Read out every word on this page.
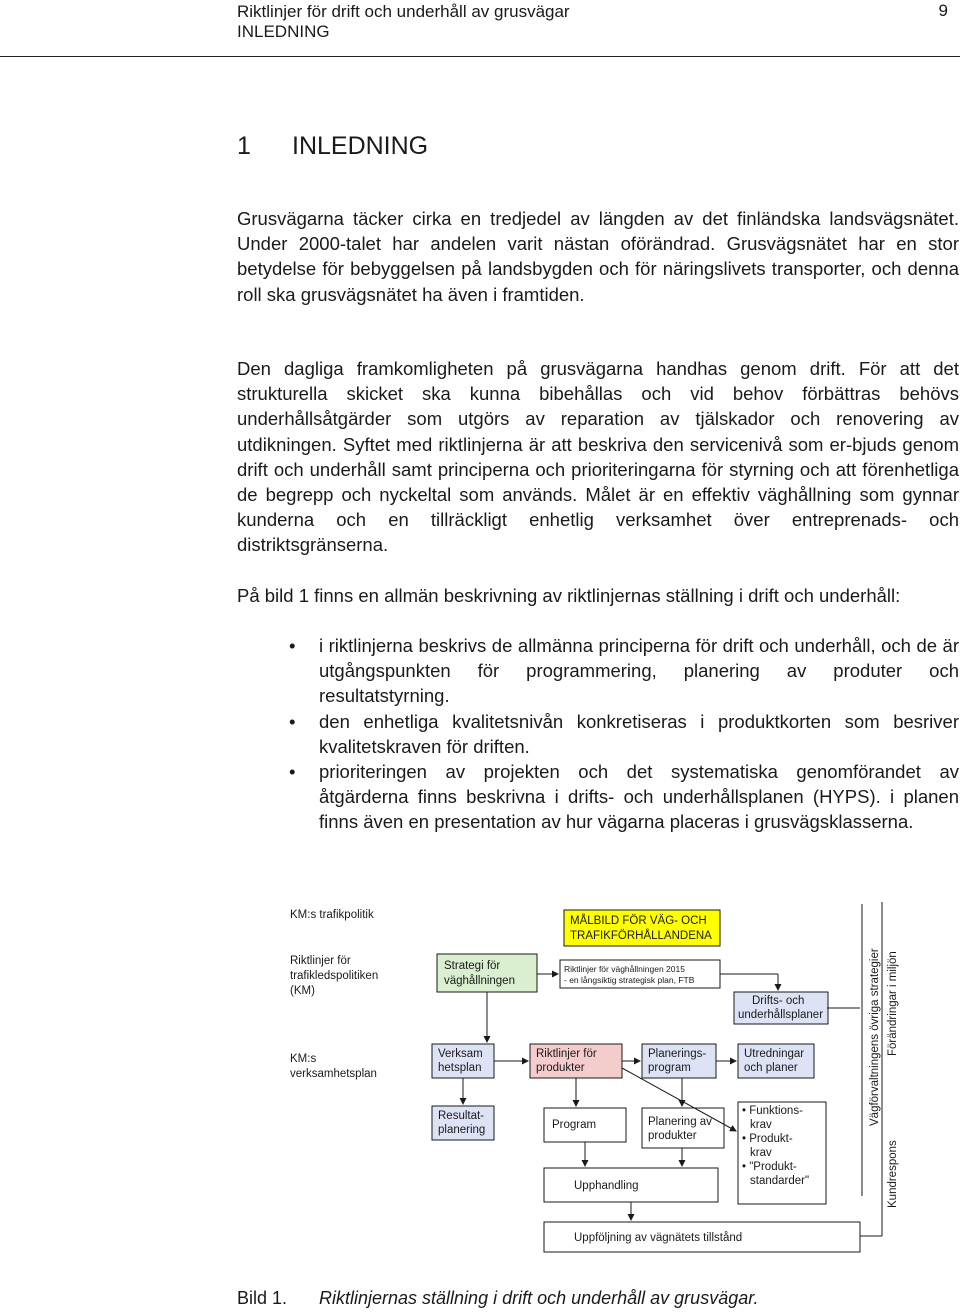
Riktlinjer för drift och underhåll av grusvägar
INLEDNING
9
1 INLEDNING
Grusvägarna täcker cirka en tredjedel av längden av det finländska landsvägsnätet. Under 2000-talet har andelen varit nästan oförändrad. Grusvägsnätet har en stor betydelse för bebyggelsen på landsbygden och för näringslivets transporter, och denna roll ska grusvägsnätet ha även i framtiden.
Den dagliga framkomligheten på grusvägarna handhas genom drift. För att det strukturella skicket ska kunna bibehållas och vid behov förbättras behövs underhållsåtgärder som utgörs av reparation av tjälskador och renovering av utdikningen. Syftet med riktlinjerna är att beskriva den servicenivå som er-bjuds genom drift och underhåll samt principerna och prioriteringarna för styrning och att förenhetliga de begrepp och nyckeltal som används. Målet är en effektiv väghållning som gynnar kunderna och en tillräckligt enhetlig verksamhet över entreprenads- och distriktsgränserna.
På bild 1 finns en allmän beskrivning av riktlinjernas ställning i drift och underhåll:
• i riktlinjerna beskrivs de allmänna principerna för drift och underhåll, och de är utgångspunkten för programmering, planering av produter och resultatstyrning.
• den enhetliga kvalitetsnivån konkretiseras i produktkorten som besriver kvalitetskraven för driften.
• prioriteringen av projekten och det systematiska genomförandet av åtgärderna finns beskrivna i drifts- och underhållsplanen (HYPS). i planen finns även en presentation av hur vägarna placeras i grusvägsklasserna.
KM:s trafikpolitik
Riktlinjer för
trafikledspolitiken
(KM)
KM:s
verksamhetsplan
MÅLBILD FÖR VÄG- OCH
TRAFIKFÖRHÅLLANDENA
Strategi för
väghållningen
Riktlinjer för väghållningen 2015
- en långsiktig strategisk plan, FTB
Drifts- och
underhållsplaner
Verksam
hetsplan
Riktlinjer för
produkter
Planerings-
program
Utredningar
och planer
Resultat-
planering	Program	Planering av
produkter
• Funktions-
krav
• Produkt-
krav
• "Produkt-
standarder"
Upphandling
Uppföljning av vägnätets tillstånd
Vägförvaltningens övriga strategier Förändringar i miljön
Kundrespons
Bild 1. Riktlinjernas ställning i drift och underhåll av grusvägar.
